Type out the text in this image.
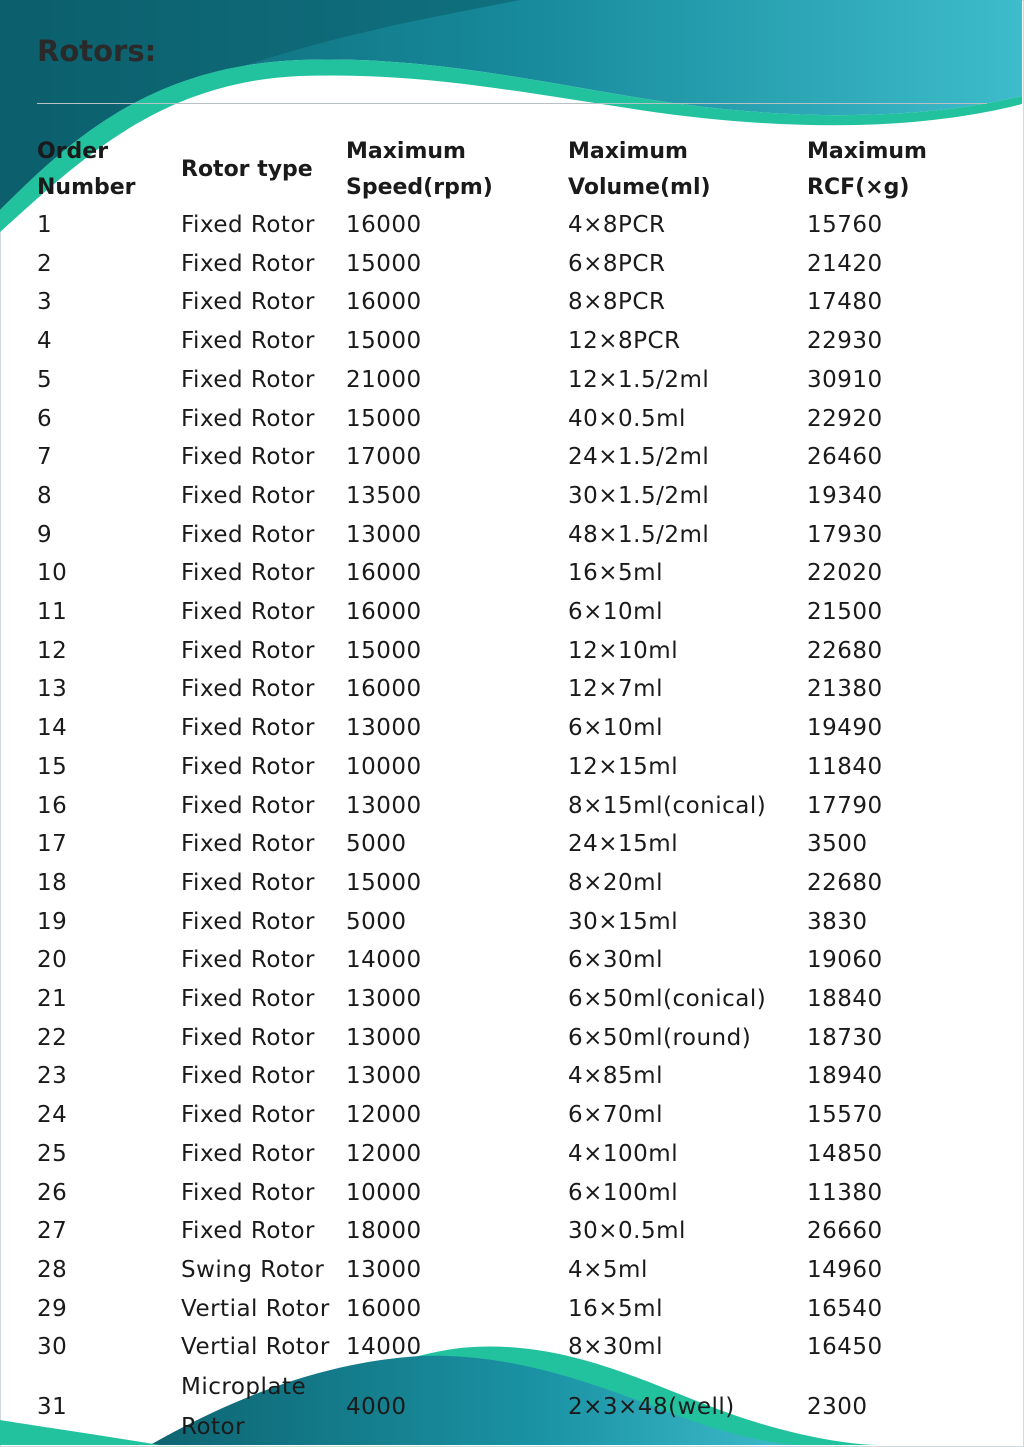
Rotors:
Order Number	Rotor type	Maximum Speed(rpm)	Maximum Volume(ml)	Maximum RCF(×g)
1	Fixed Rotor	16000	4×8PCR	15760
2	Fixed Rotor	15000	6×8PCR	21420
3	Fixed Rotor	16000	8×8PCR	17480
4	Fixed Rotor	15000	12×8PCR	22930
5	Fixed Rotor	21000	12×1.5/2ml	30910
6	Fixed Rotor	15000	40×0.5ml	22920
7	Fixed Rotor	17000	24×1.5/2ml	26460
8	Fixed Rotor	13500	30×1.5/2ml	19340
9	Fixed Rotor	13000	48×1.5/2ml	17930
10	Fixed Rotor	16000	16×5ml	22020
11	Fixed Rotor	16000	6×10ml	21500
12	Fixed Rotor	15000	12×10ml	22680
13	Fixed Rotor	16000	12×7ml	21380
14	Fixed Rotor	13000	6×10ml	19490
15	Fixed Rotor	10000	12×15ml	11840
16	Fixed Rotor	13000	8×15ml(conical)	17790
17	Fixed Rotor	5000	24×15ml	3500
18	Fixed Rotor	15000	8×20ml	22680
19	Fixed Rotor	5000	30×15ml	3830
20	Fixed Rotor	14000	6×30ml	19060
21	Fixed Rotor	13000	6×50ml(conical)	18840
22	Fixed Rotor	13000	6×50ml(round)	18730
23	Fixed Rotor	13000	4×85ml	18940
24	Fixed Rotor	12000	6×70ml	15570
25	Fixed Rotor	12000	4×100ml	14850
26	Fixed Rotor	10000	6×100ml	11380
27	Fixed Rotor	18000	30×0.5ml	26660
28	Swing Rotor	13000	4×5ml	14960
29	Vertial Rotor	16000	16×5ml	16540
30	Vertial Rotor	14000	8×30ml	16450
31	Microplate Rotor	4000	2×3×48(well)	2300
